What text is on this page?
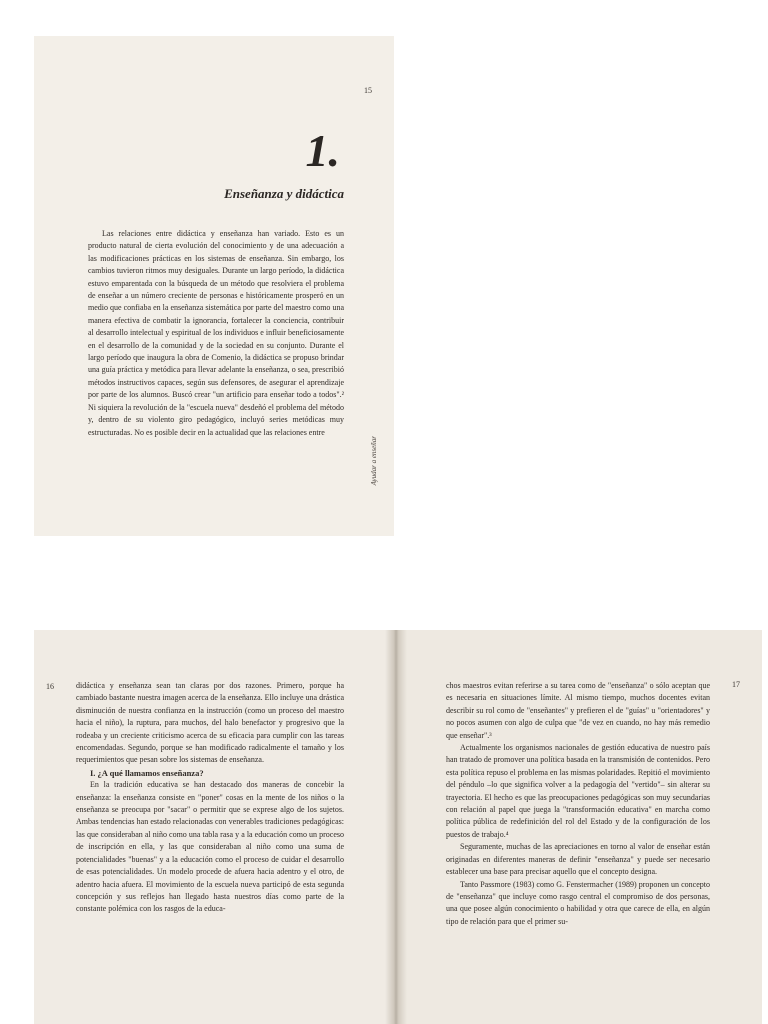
15
1.
Enseñanza y didáctica

Las relaciones entre didáctica y enseñanza han variado. Esto es un producto natural de cierta evolución del conocimiento y de una adecuación a las modificaciones prácticas en los sistemas de enseñanza. Sin embargo, los cambios tuvieron ritmos muy desiguales. Durante un largo período, la didáctica estuvo emparentada con la búsqueda de un método que resolviera el problema de enseñar a un número creciente de personas e históricamente prosperó en un medio que confiaba en la enseñanza sistemática por parte del maestro como una manera efectiva de combatir la ignorancia, fortalecer la conciencia, contribuir al desarrollo intelectual y espiritual de los individuos e influir beneficiosamente en el desarrollo de la comunidad y de la sociedad en su conjunto. Durante el largo período que inaugura la obra de Comenio, la didáctica se propuso brindar una guía práctica y metódica para llevar adelante la enseñanza, o sea, prescribió métodos instructivos capaces, según sus defensores, de asegurar el aprendizaje por parte de los alumnos. Buscó crear "un artificio para enseñar todo a todos".² Ni siquiera la revolución de la "escuela nueva" desdeñó el problema del método y, dentro de su violento giro pedagógico, incluyó series metódicas muy estructuradas. No es posible decir en la actualidad que las relaciones entre

Ayudar a enseñar
16	didáctica y enseñanza sean tan claras por dos razones. Primero, porque ha cambiado bastante nuestra imagen acerca de la enseñanza. Ello incluye una drástica disminución de nuestra confianza en la instrucción (como un proceso del maestro hacia el niño), la ruptura, para muchos, del halo benefactor y progresivo que la rodeaba y un creciente criticismo acerca de su eficacia para cumplir con las tareas encomendadas. Segundo, porque se han modificado radicalmente el tamaño y los requerimientos que pesan sobre los sistemas de enseñanza.

I. ¿A qué llamamos enseñanza?

En la tradición educativa se han destacado dos maneras de concebir la enseñanza: la enseñanza consiste en "poner" cosas en la mente de los niños o la enseñanza se preocupa por "sacar" o permitir que se exprese algo de los sujetos. Ambas tendencias han estado relacionadas con venerables tradiciones pedagógicas: las que consideraban al niño como una tabla rasa y a la educación como un proceso de inscripción en ella, y las que consideraban al niño como una suma de potencialidades "buenas" y a la educación como el proceso de cuidar el desarrollo de esas potencialidades. Un modelo procede de afuera hacia adentro y el otro, de adentro hacia afuera. El movimiento de la escuela nueva participó de esta segunda concepción y sus reflejos han llegado hasta nuestros días como parte de la constante polémica con los rasgos de la educa-

17

chos maestros evitan referirse a su tarea como de "enseñanza" o sólo aceptan que es necesaria en situaciones límite. Al mismo tiempo, muchos docentes evitan describir su rol como de "enseñantes" y prefieren el de "guías" u "orientadores" y no pocos asumen con algo de culpa que "de vez en cuando, no hay más remedio que enseñar".³

Actualmente los organismos nacionales de gestión educativa de nuestro país han tratado de promover una política basada en la transmisión de contenidos. Pero esta política repuso el problema en las mismas polaridades. Repitió el movimiento del péndulo –lo que significa volver a la pedagogía del "vertido"– sin alterar su trayectoria. El hecho es que las preocupaciones pedagógicas son muy secundarias con relación al papel que juega la "transformación educativa" en marcha como política pública de redefinición del rol del Estado y de la configuración de los puestos de trabajo.⁴

Seguramente, muchas de las apreciaciones en torno al valor de enseñar están originadas en diferentes maneras de definir "enseñanza" y puede ser necesario establecer una base para precisar aquello que el concepto designa.

Tanto Passmore (1983) como G. Fenstermacher (1989) proponen un concepto de "enseñanza" que incluye como rasgo central el compromiso de dos personas, una que posee algún conocimiento o habilidad y otra que carece de ella, en algún tipo de relación para que el primer su-
